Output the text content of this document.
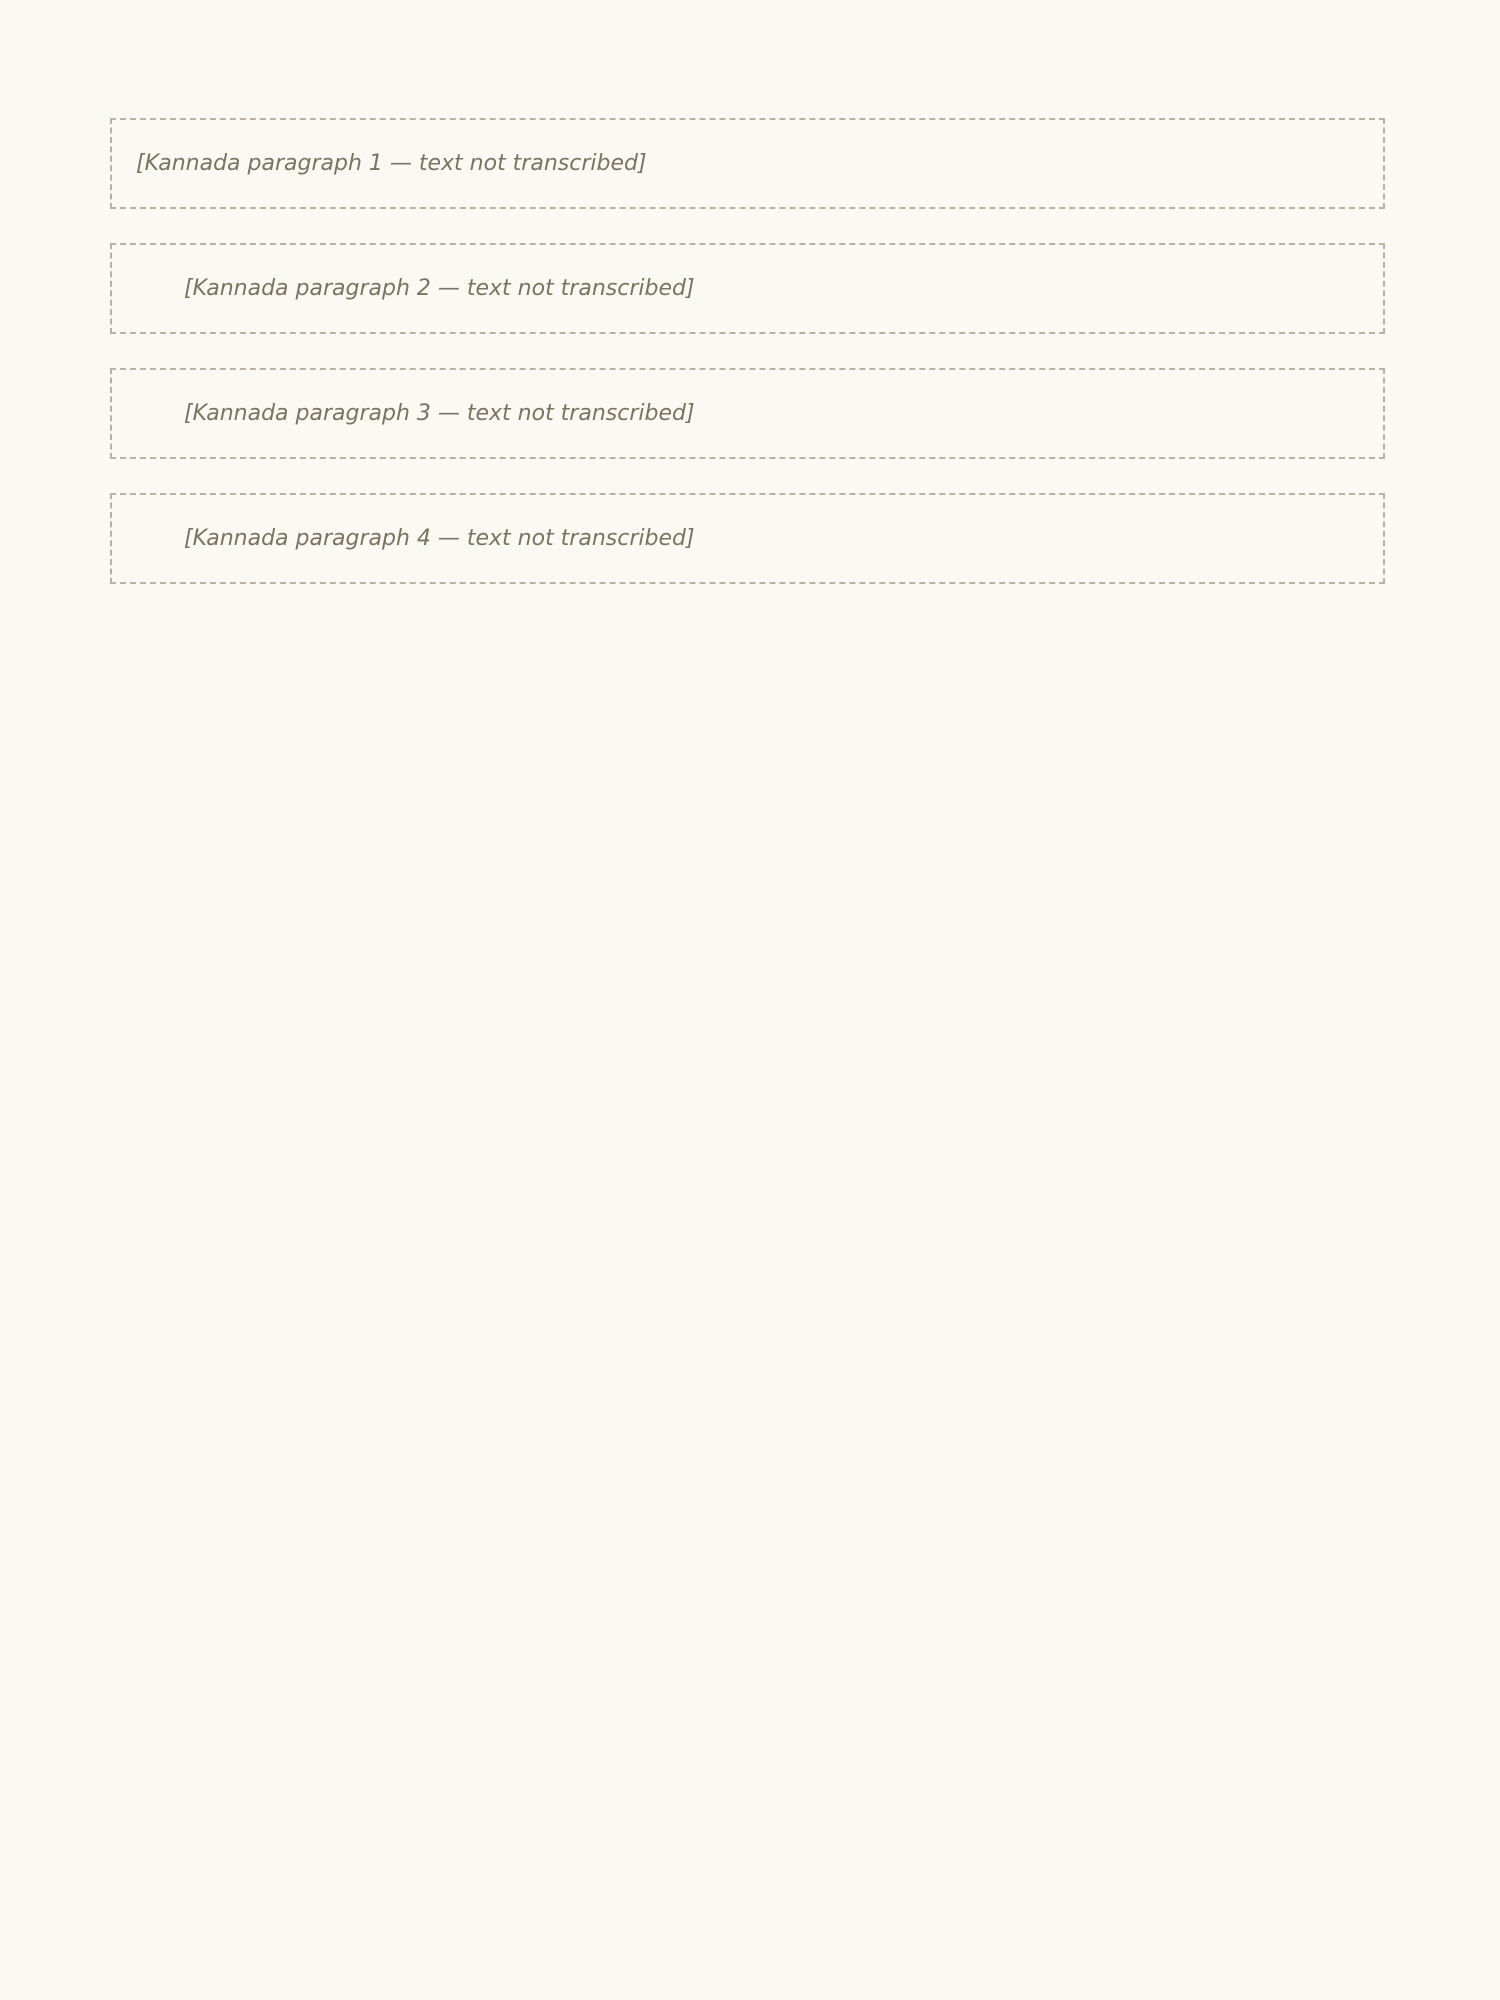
[Kannada paragraph 1 — text not transcribed]

[Kannada paragraph 2 — text not transcribed]

[Kannada paragraph 3 — text not transcribed]

[Kannada paragraph 4 — text not transcribed]
